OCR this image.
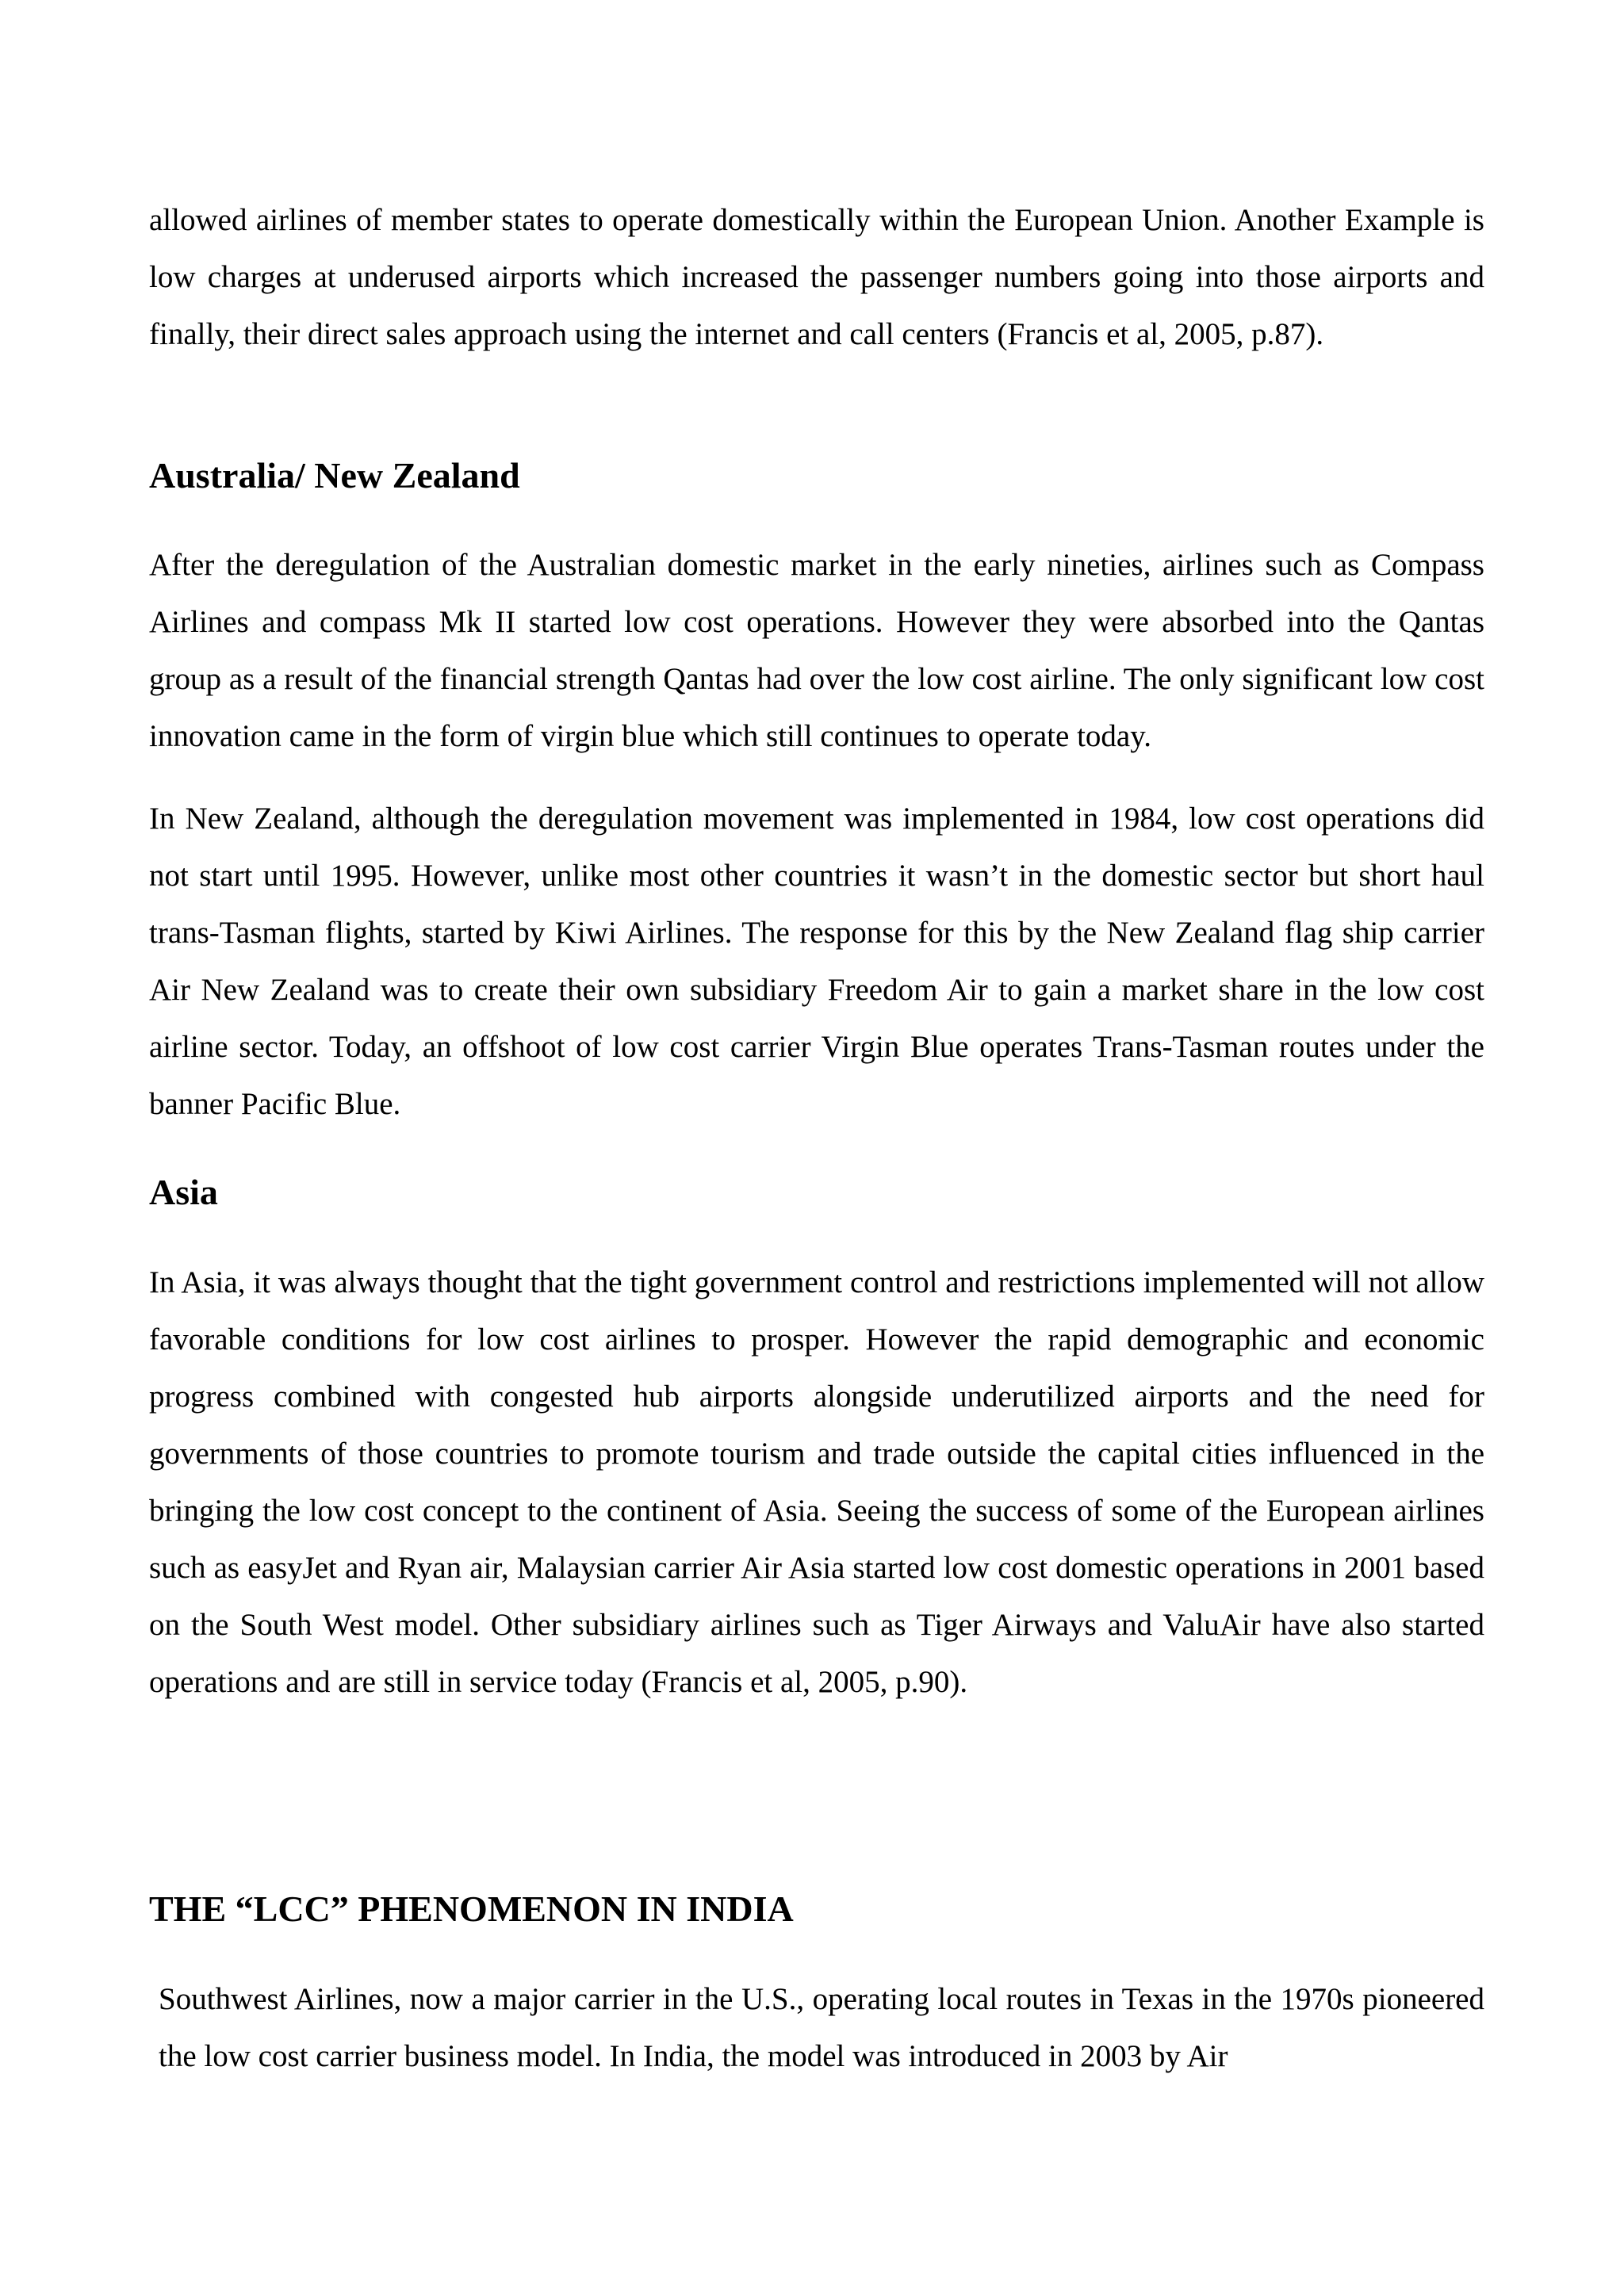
allowed airlines of member states to operate domestically within the European Union. Another Example is low charges at underused airports which increased the passenger numbers going into those airports and finally, their direct sales approach using the internet and call centers (Francis et al, 2005, p.87).

Australia/ New Zealand

After the deregulation of the Australian domestic market in the early nineties, airlines such as Compass Airlines and compass Mk II started low cost operations. However they were absorbed into the Qantas group as a result of the financial strength Qantas had over the low cost airline. The only significant low cost innovation came in the form of virgin blue which still continues to operate today.

In New Zealand, although the deregulation movement was implemented in 1984, low cost operations did not start until 1995. However, unlike most other countries it wasn’t in the domestic sector but short haul trans-Tasman flights, started by Kiwi Airlines. The response for this by the New Zealand flag ship carrier Air New Zealand was to create their own subsidiary Freedom Air to gain a market share in the low cost airline sector. Today, an offshoot of low cost carrier Virgin Blue operates Trans-Tasman routes under the banner Pacific Blue.

Asia

In Asia, it was always thought that the tight government control and restrictions implemented will not allow favorable conditions for low cost airlines to prosper. However the rapid demographic and economic progress combined with congested hub airports alongside underutilized airports and the need for governments of those countries to promote tourism and trade outside the capital cities influenced in the bringing the low cost concept to the continent of Asia. Seeing the success of some of the European airlines such as easyJet and Ryan air, Malaysian carrier Air Asia started low cost domestic operations in 2001 based on the South West model. Other subsidiary airlines such as Tiger Airways and ValuAir have also started operations and are still in service today (Francis et al, 2005, p.90).

THE “LCC” PHENOMENON IN INDIA

Southwest Airlines, now a major carrier in the U.S., operating local routes in Texas in the 1970s pioneered the low cost carrier business model. In India, the model was introduced in 2003 by Air
